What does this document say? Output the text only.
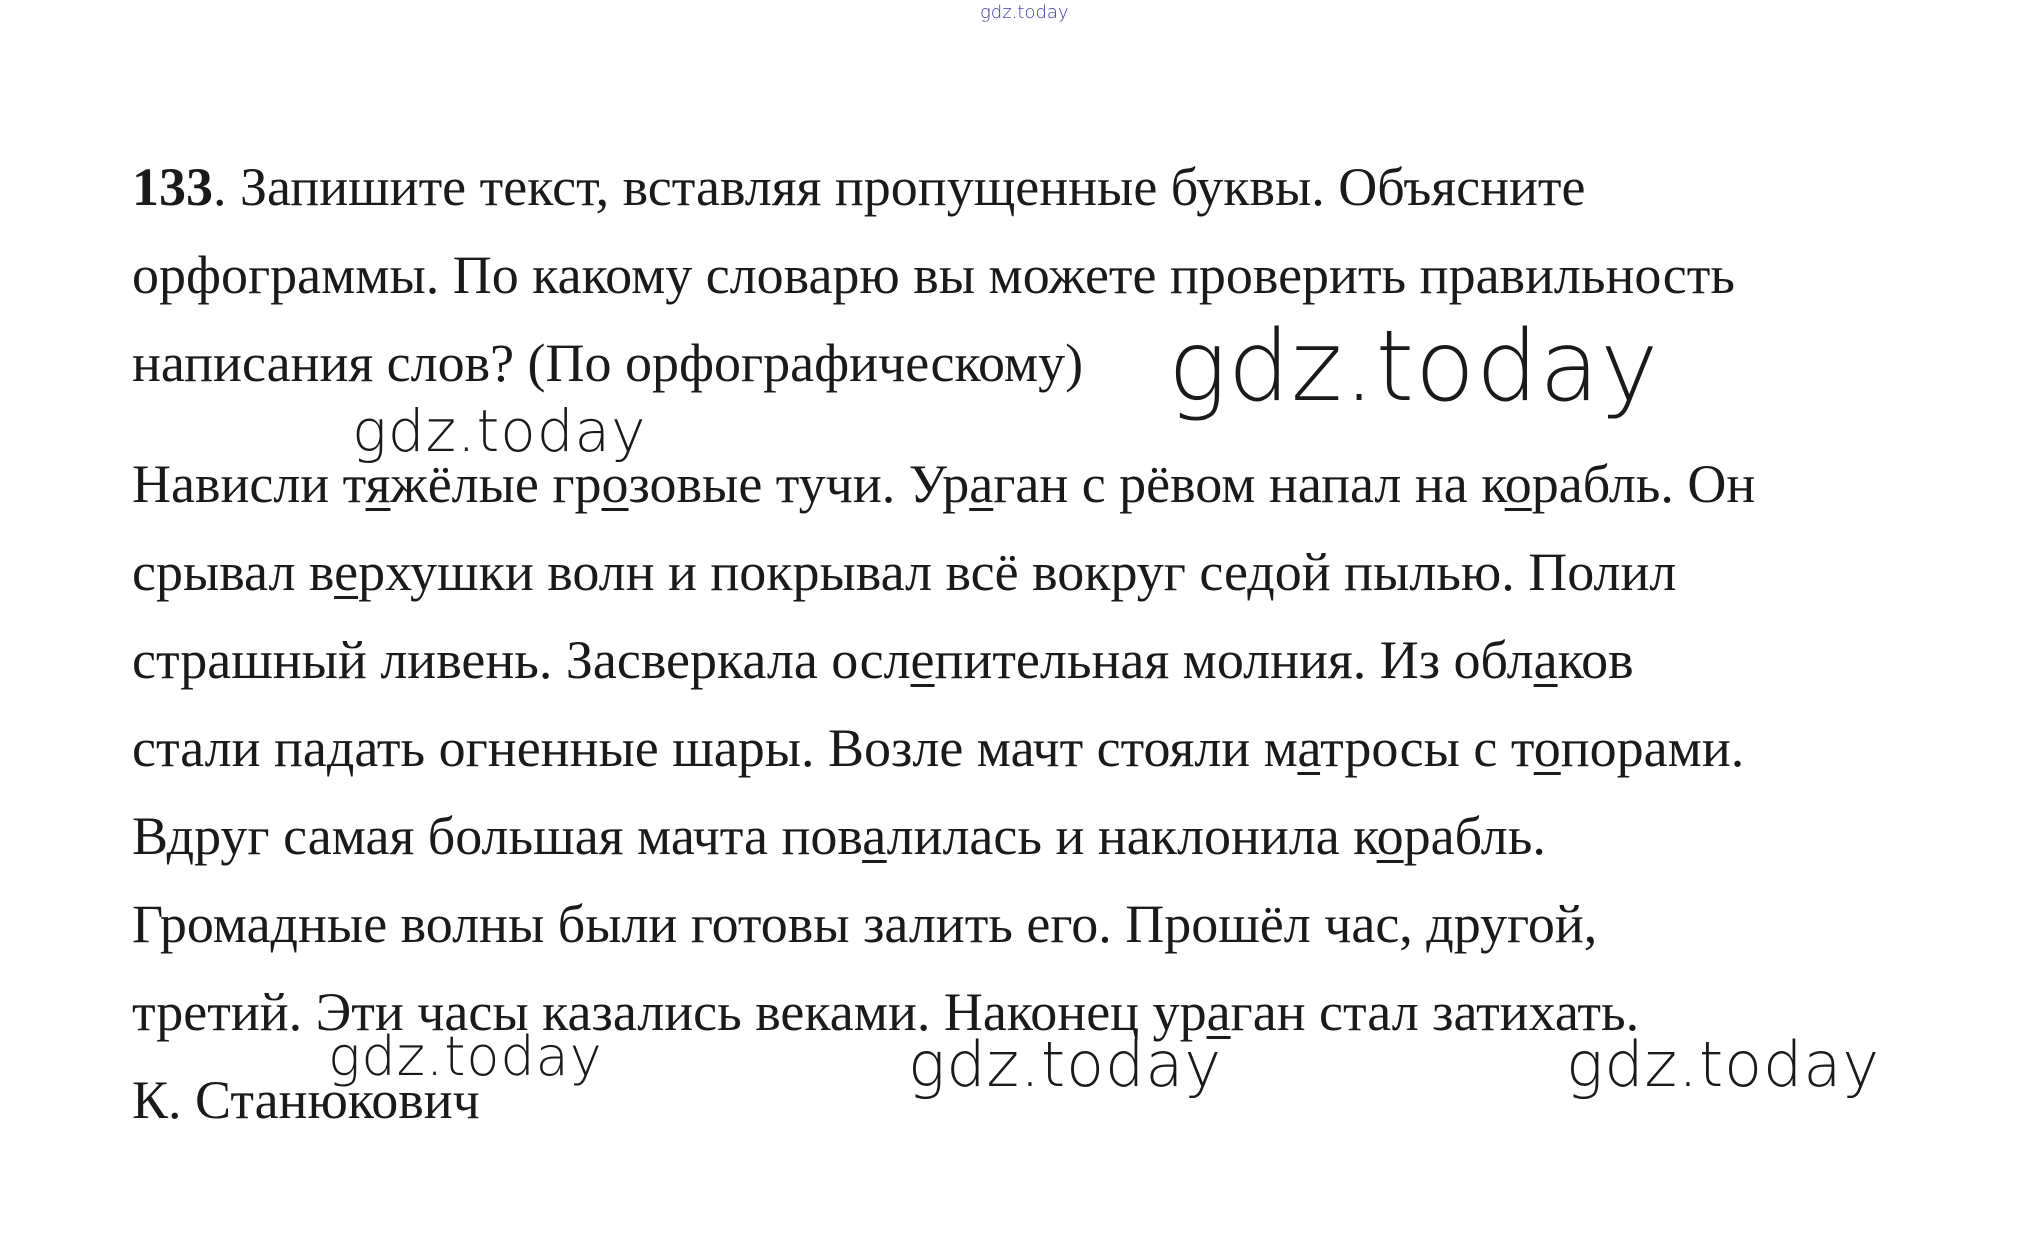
gdz.today
133. Запишите текст, вставляя пропущенные буквы. Объясните
орфограммы. По какому словарю вы можете проверить правильность
написания слов? (По орфографическому) gdz.today
gdz.today
Нависли тяжёлые грозовые тучи. Ураган с рёвом напал на корабль. Он
срывал верхушки волн и покрывал всё вокруг седой пылью. Полил
страшный ливень. Засверкала ослепительная молния. Из облаков
стали падать огненные шары. Возле мачт стояли матросы с топорами.
Вдруг самая большая мачта повалилась и наклонила корабль.
Громадные волны были готовы залить его. Прошёл час, другой,
третий. Эти часы казались веками. Наконец ураган стал затихать.
К. Станюкович
gdz.today	gdz.today	gdz.today
